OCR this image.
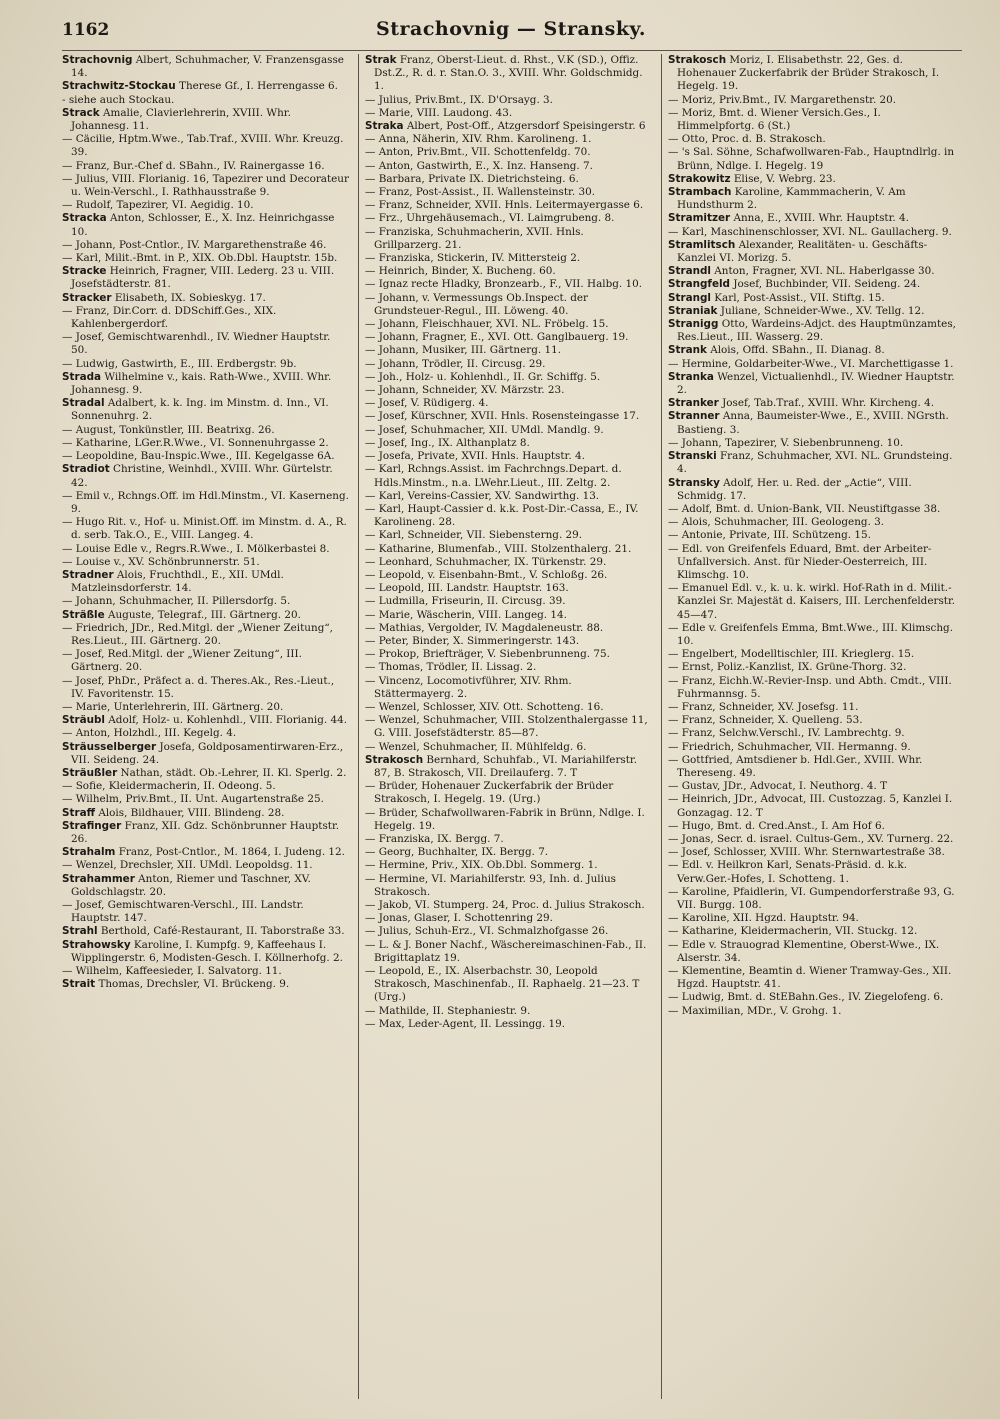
1162	Strachovnig — Stransky.

Strachovnig Albert, Schuhmacher, V. Franzensgasse 14.

Strachwitz-Stockau Therese Gf., I. Herrengasse 6.

- siehe auch Stockau.

Strack Amalie, Clavierlehrerin, XVIII. Whr. Johannesg. 11.

— Cäcilie, Hptm.Wwe., Tab.Traf., XVIII. Whr. Kreuzg. 39.

— Franz, Bur.-Chef d. SBahn., IV. Rainergasse 16.

— Julius, VIII. Florianig. 16, Tapezirer und Decorateur u. Wein-Verschl., I. Rathhausstraße 9.

— Rudolf, Tapezirer, VI. Aegidig. 10.

Stracka Anton, Schlosser, E., X. Inz. Heinrichgasse 10.

— Johann, Post-Cntlor., IV. Margarethenstraße 46.

— Karl, Milit.-Bmt. in P., XIX. Ob.Dbl. Hauptstr. 15b.

Stracke Heinrich, Fragner, VIII. Lederg. 23 u. VIII. Josefstädterstr. 81.

Stracker Elisabeth, IX. Sobieskyg. 17.

— Franz, Dir.Corr. d. DDSchiff.Ges., XIX. Kahlenbergerdorf.

— Josef, Gemischtwarenhdl., IV. Wiedner Hauptstr. 50.

— Ludwig, Gastwirth, E., III. Erdbergstr. 9b.

Strada Wilhelmine v., kais. Rath-Wwe., XVIII. Whr. Johannesg. 9.

Stradal Adalbert, k. k. Ing. im Minstm. d. Inn., VI. Sonnenuhrg. 2.

— August, Tonkünstler, III. Beatrixg. 26.

— Katharine, LGer.R.Wwe., VI. Sonnenuhrgasse 2.

— Leopoldine, Bau-Inspic.Wwe., III. Kegelgasse 6A.

Stradiot Christine, Weinhdl., XVIII. Whr. Gürtelstr. 42.

— Emil v., Rchngs.Off. im Hdl.Minstm., VI. Kaserneng. 9.

— Hugo Rit. v., Hof- u. Minist.Off. im Minstm. d. A., R. d. serb. Tak.O., E., VIII. Langeg. 4.

— Louise Edle v., Regrs.R.Wwe., I. Mölkerbastei 8.

— Louise v., XV. Schönbrunnerstr. 51.

Stradner Alois, Fruchthdl., E., XII. UMdl. Matzleinsdorferstr. 14.

— Johann, Schuhmacher, II. Pillersdorfg. 5.

Sträßle Auguste, Telegraf., III. Gärtnerg. 20.

— Friedrich, JDr., Red.Mitgl. der „Wiener Zeitung“, Res.Lieut., III. Gärtnerg. 20.

— Josef, Red.Mitgl. der „Wiener Zeitung“, III. Gärtnerg. 20.

— Josef, PhDr., Präfect a. d. Theres.Ak., Res.-Lieut., IV. Favoritenstr. 15.

— Marie, Unterlehrerin, III. Gärtnerg. 20.

Sträubl Adolf, Holz- u. Kohlenhdl., VIII. Florianig. 44.

— Anton, Holzhdl., III. Kegelg. 4.

Sträusselberger Josefa, Goldposamentirwaren-Erz., VII. Seideng. 24.

Sträußler Nathan, städt. Ob.-Lehrer, II. Kl. Sperlg. 2.

— Sofie, Kleidermacherin, II. Odeong. 5.

— Wilhelm, Priv.Bmt., II. Unt. Augartenstraße 25.

Straff Alois, Bildhauer, VIII. Blindeng. 28.

Strafinger Franz, XII. Gdz. Schönbrunner Hauptstr. 26.

Strahalm Franz, Post-Cntlor., M. 1864, I. Judeng. 12.

— Wenzel, Drechsler, XII. UMdl. Leopoldsg. 11.

Strahammer Anton, Riemer und Taschner, XV. Goldschlagstr. 20.

— Josef, Gemischtwaren-Verschl., III. Landstr. Hauptstr. 147.

Strahl Berthold, Café-Restaurant, II. Taborstraße 33.

Strahowsky Karoline, I. Kumpfg. 9, Kaffeehaus I. Wipplingerstr. 6, Modisten-Gesch. I. Köllnerhofg. 2.

— Wilhelm, Kaffeesieder, I. Salvatorg. 11.

Strait Thomas, Drechsler, VI. Brückeng. 9.

Strak Franz, Oberst-Lieut. d. Rhst., V.K (SD.), Offiz. Dst.Z., R. d. r. Stan.O. 3., XVIII. Whr. Goldschmidg. 1.

— Julius, Priv.Bmt., IX. D'Orsayg. 3.

— Marie, VIII. Laudong. 43.

Straka Albert, Post-Off., Atzgersdorf Speisingerstr. 6

— Anna, Näherin, XIV. Rhm. Karolineng. 1.

— Anton, Priv.Bmt., VII. Schottenfeldg. 70.

— Anton, Gastwirth, E., X. Inz. Hanseng. 7.

— Barbara, Private IX. Dietrichsteing. 6.

— Franz, Post-Assist., II. Wallensteinstr. 30.

— Franz, Schneider, XVII. Hnls. Leitermayergasse 6.

— Frz., Uhrgehäusemach., VI. Laimgrubeng. 8.

— Franziska, Schuhmacherin, XVII. Hnls. Grillparzerg. 21.

— Franziska, Stickerin, IV. Mittersteig 2.

— Heinrich, Binder, X. Bucheng. 60.

— Ignaz recte Hladky, Bronzearb., F., VII. Halbg. 10.

— Johann, v. Vermessungs Ob.Inspect. der Grundsteuer-Regul., III. Löweng. 40.

— Johann, Fleischhauer, XVI. NL. Fröbelg. 15.

— Johann, Fragner, E., XVI. Ott. Ganglbauerg. 19.

— Johann, Musiker, III. Gärtnerg. 11.

— Johann, Trödler, II. Circusg. 29.

— Joh., Holz- u. Kohlenhdl., II. Gr. Schiffg. 5.

— Johann, Schneider, XV. Märzstr. 23.

— Josef, V. Rüdigerg. 4.

— Josef, Kürschner, XVII. Hnls. Rosensteingasse 17.

— Josef, Schuhmacher, XII. UMdl. Mandlg. 9.

— Josef, Ing., IX. Althanplatz 8.

— Josefa, Private, XVII. Hnls. Hauptstr. 4.

— Karl, Rchngs.Assist. im Fachrchngs.Depart. d. Hdls.Minstm., n.a. LWehr.Lieut., III. Zeltg. 2.

— Karl, Vereins-Cassier, XV. Sandwirthg. 13.

— Karl, Haupt-Cassier d. k.k. Post-Dir.-Cassa, E., IV. Karolineng. 28.

— Karl, Schneider, VII. Siebensterng. 29.

— Katharine, Blumenfab., VIII. Stolzenthalerg. 21.

— Leonhard, Schuhmacher, IX. Türkenstr. 29.

— Leopold, v. Eisenbahn-Bmt., V. Schloßg. 26.

— Leopold, III. Landstr. Hauptstr. 163.

— Ludmilla, Friseurin, II. Circusg. 39.

— Marie, Wäscherin, VIII. Langeg. 14.

— Mathias, Vergolder, IV. Magdaleneustr. 88.

— Peter, Binder, X. Simmeringerstr. 143.

— Prokop, Briefträger, V. Siebenbrunneng. 75.

— Thomas, Trödler, II. Lissag. 2.

— Vincenz, Locomotivführer, XIV. Rhm. Stättermayerg. 2.

— Wenzel, Schlosser, XIV. Ott. Schotteng. 16.

— Wenzel, Schuhmacher, VIII. Stolzenthalergasse 11, G. VIII. Josefstädterstr. 85—87.

— Wenzel, Schuhmacher, II. Mühlfeldg. 6.

Strakosch Bernhard, Schuhfab., VI. Mariahilferstr. 87, B. Strakosch, VII. Dreilauferg. 7. T

— Brüder, Hohenauer Zuckerfabrik der Brüder Strakosch, I. Hegelg. 19. (Urg.)

— Brüder, Schafwollwaren-Fabrik in Brünn, Ndlge. I. Hegelg. 19.

— Franziska, IX. Bergg. 7.

— Georg, Buchhalter, IX. Bergg. 7.

— Hermine, Priv., XIX. Ob.Dbl. Sommerg. 1.

— Hermine, VI. Mariahilferstr. 93, Inh. d. Julius Strakosch.

— Jakob, VI. Stumperg. 24, Proc. d. Julius Strakosch.

— Jonas, Glaser, I. Schottenring 29.

— Julius, Schuh-Erz., VI. Schmalzhofgasse 26.

— L. & J. Boner Nachf., Wäschereimaschinen-Fab., II. Brigittaplatz 19.

— Leopold, E., IX. Alserbachstr. 30, Leopold Strakosch, Maschinenfab., II. Raphaelg. 21—23. T (Urg.)

— Mathilde, II. Stephaniestr. 9.

— Max, Leder-Agent, II. Lessingg. 19.

Strakosch Moriz, I. Elisabethstr. 22, Ges. d. Hohenauer Zuckerfabrik der Brüder Strakosch, I. Hegelg. 19.

— Moriz, Priv.Bmt., IV. Margarethenstr. 20.

— Moriz, Bmt. d. Wiener Versich.Ges., I. Himmelpfortg. 6 (St.)

— Otto, Proc. d. B. Strakosch.

— 's Sal. Söhne, Schafwollwaren-Fab., Hauptndlrlg. in Brünn, Ndlge. I. Hegelg. 19

Strakowitz Elise, V. Webrg. 23.

Strambach Karoline, Kammmacherin, V. Am Hundsthurm 2.

Stramitzer Anna, E., XVIII. Whr. Hauptstr. 4.

— Karl, Maschinenschlosser, XVI. NL. Gaullacherg. 9.

Stramlitsch Alexander, Realitäten- u. Geschäfts-Kanzlei VI. Morizg. 5.

Strandl Anton, Fragner, XVI. NL. Haberlgasse 30.

Strangfeld Josef, Buchbinder, VII. Seideng. 24.

Strangl Karl, Post-Assist., VII. Stiftg. 15.

Straniak Juliane, Schneider-Wwe., XV. Tellg. 12.

Stranigg Otto, Wardeins-Adjct. des Hauptmünzamtes, Res.Lieut., III. Wasserg. 29.

Strank Alois, Offd. SBahn., II. Dianag. 8.

— Hermine, Goldarbeiter-Wwe., VI. Marchettigasse 1.

Stranka Wenzel, Victualienhdl., IV. Wiedner Hauptstr. 2.

Stranker Josef, Tab.Traf., XVIII. Whr. Kircheng. 4.

Stranner Anna, Baumeister-Wwe., E., XVIII. NGrsth. Bastieng. 3.

— Johann, Tapezirer, V. Siebenbrunneng. 10.

Stranski Franz, Schuhmacher, XVI. NL. Grundsteing. 4.

Stransky Adolf, Her. u. Red. der „Actie“, VIII. Schmidg. 17.

— Adolf, Bmt. d. Union-Bank, VII. Neustiftgasse 38.

— Alois, Schuhmacher, III. Geologeng. 3.

— Antonie, Private, III. Schützeng. 15.

— Edl. von Greifenfels Eduard, Bmt. der Arbeiter-Unfallversich. Anst. für Nieder-Oesterreich, III. Klimschg. 10.

— Emanuel Edl. v., k. u. k. wirkl. Hof-Rath in d. Milit.-Kanzlei Sr. Majestät d. Kaisers, III. Lerchenfelderstr. 45—47.

— Edle v. Greifenfels Emma, Bmt.Wwe., III. Klimschg. 10.

— Engelbert, Modelltischler, III. Krieglerg. 15.

— Ernst, Poliz.-Kanzlist, IX. Grüne-Thorg. 32.

— Franz, Eichh.W.-Revier-Insp. und Abth. Cmdt., VIII. Fuhrmannsg. 5.

— Franz, Schneider, XV. Josefsg. 11.

— Franz, Schneider, X. Quelleng. 53.

— Franz, Selchw.Verschl., IV. Lambrechtg. 9.

— Friedrich, Schuhmacher, VII. Hermanng. 9.

— Gottfried, Amtsdiener b. Hdl.Ger., XVIII. Whr. Thereseng. 49.

— Gustav, JDr., Advocat, I. Neuthorg. 4. T

— Heinrich, JDr., Advocat, III. Custozzag. 5, Kanzlei I. Gonzagag. 12. T

— Hugo, Bmt. d. Cred.Anst., I. Am Hof 6.

— Jonas, Secr. d. israel. Cultus-Gem., XV. Turnerg. 22.

— Josef, Schlosser, XVIII. Whr. Sternwartestraße 38.

— Edl. v. Heilkron Karl, Senats-Präsid. d. k.k. Verw.Ger.-Hofes, I. Schotteng. 1.

— Karoline, Pfaidlerin, VI. Gumpendorferstraße 93, G. VII. Burgg. 108.

— Karoline, XII. Hgzd. Hauptstr. 94.

— Katharine, Kleidermacherin, VII. Stuckg. 12.

— Edle v. Strauograd Klementine, Oberst-Wwe., IX. Alserstr. 34.

— Klementine, Beamtin d. Wiener Tramway-Ges., XII. Hgzd. Hauptstr. 41.

— Ludwig, Bmt. d. StEBahn.Ges., IV. Ziegelofeng. 6.

— Maximilian, MDr., V. Grohg. 1.
